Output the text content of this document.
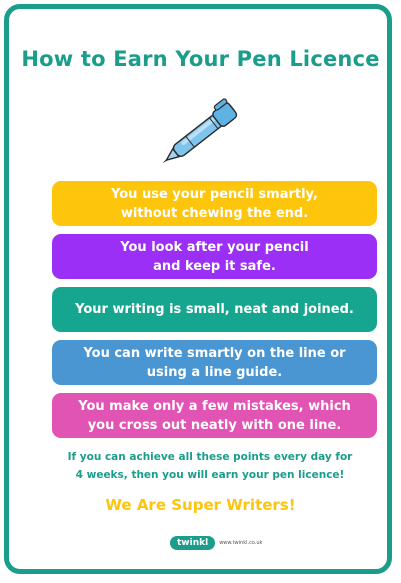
How to Earn Your Pen Licence
You use your pencil smartly,
without chewing the end.
You look after your pencil
and keep it safe.
Your writing is small, neat and joined.
You can write smartly on the line or
using a line guide.
You make only a few mistakes, which
you cross out neatly with one line.
If you can achieve all these points every day for
4 weeks, then you will earn your pen licence!
We Are Super Writers!
twinkl	www.twinkl.co.uk
